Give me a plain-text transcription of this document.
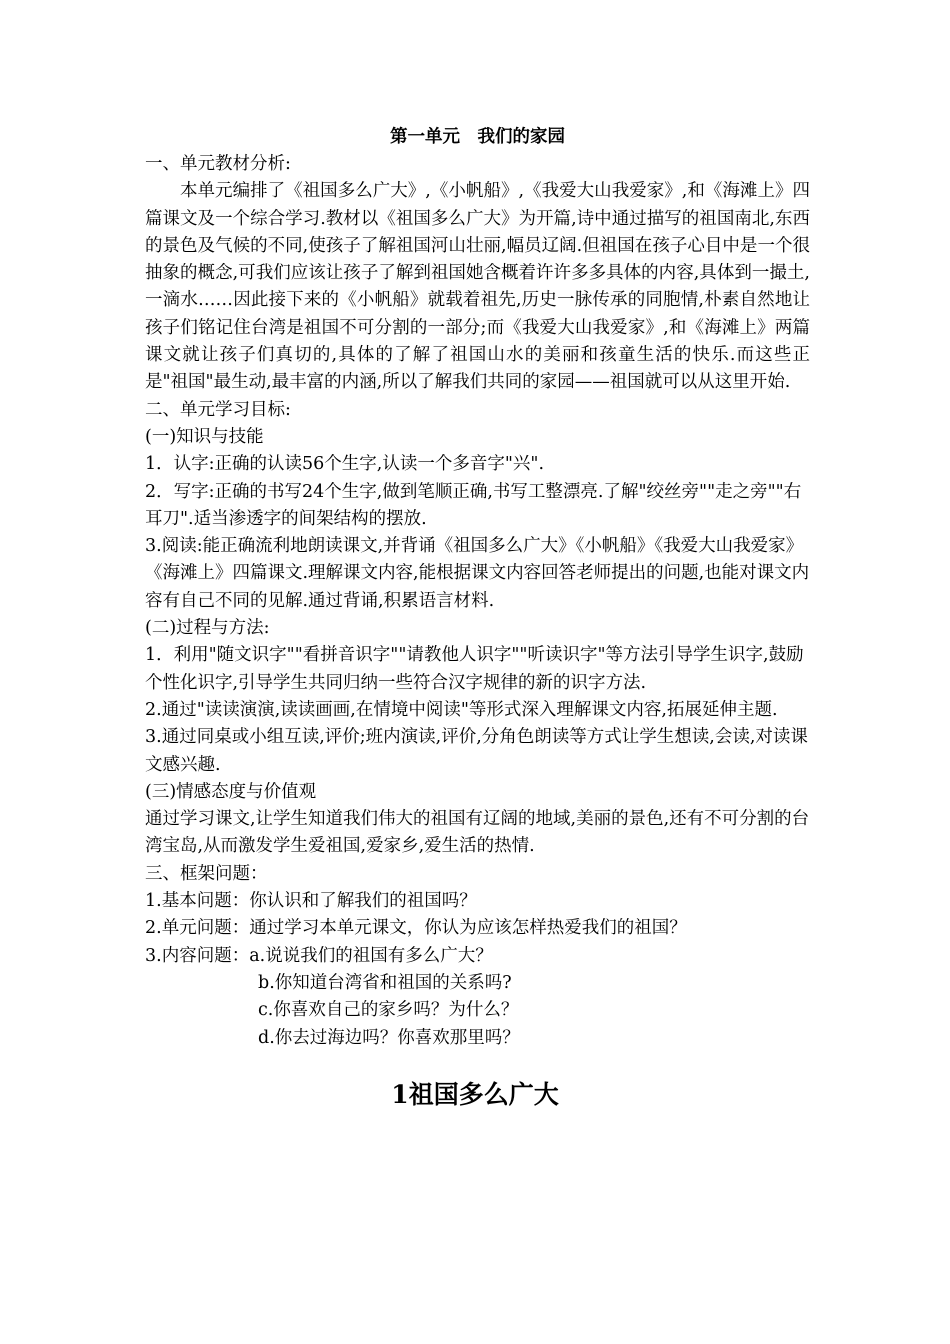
第一单元　我们的家园

一、单元教材分析:

本单元编排了《祖国多么广大》,《小帆船》,《我爱大山我爱家》,和《海滩上》四篇课文及一个综合学习.教材以《祖国多么广大》为开篇,诗中通过描写的祖国南北,东西的景色及气候的不同,使孩子了解祖国河山壮丽,幅员辽阔.但祖国在孩子心目中是一个很抽象的概念,可我们应该让孩子了解到祖国她含概着许许多多具体的内容,具体到一撮土,一滴水……因此接下来的《小帆船》就载着祖先,历史一脉传承的同胞情,朴素自然地让孩子们铭记住台湾是祖国不可分割的一部分;而《我爱大山我爱家》,和《海滩上》两篇课文就让孩子们真切的,具体的了解了祖国山水的美丽和孩童生活的快乐.而这些正是"祖国"最生动,最丰富的内涵,所以了解我们共同的家园——祖国就可以从这里开始.

二、单元学习目标:

(一)知识与技能

1．认字:正确的认读56个生字,认读一个多音字"兴".

2．写字:正确的书写24个生字,做到笔顺正确,书写工整漂亮.了解"绞丝旁""走之旁""右耳刀".适当渗透字的间架结构的摆放.

3.阅读:能正确流利地朗读课文,并背诵《祖国多么广大》《小帆船》《我爱大山我爱家》《海滩上》四篇课文.理解课文内容,能根据课文内容回答老师提出的问题,也能对课文内容有自己不同的见解.通过背诵,积累语言材料.

(二)过程与方法:

1．利用"随文识字""看拼音识字""请教他人识字""听读识字"等方法引导学生识字,鼓励个性化识字,引导学生共同归纳一些符合汉字规律的新的识字方法.

2.通过"读读演演,读读画画,在情境中阅读"等形式深入理解课文内容,拓展延伸主题.

3.通过同桌或小组互读,评价;班内演读,评价,分角色朗读等方式让学生想读,会读,对读课文感兴趣.

(三)情感态度与价值观

通过学习课文,让学生知道我们伟大的祖国有辽阔的地域,美丽的景色,还有不可分割的台湾宝岛,从而激发学生爱祖国,爱家乡,爱生活的热情.

三、框架问题：

1.基本问题：你认识和了解我们的祖国吗？

2.单元问题：通过学习本单元课文，你认为应该怎样热爱我们的祖国？

3.内容问题：a.说说我们的祖国有多么广大？

b.你知道台湾省和祖国的关系吗?

c.你喜欢自己的家乡吗？为什么？

d.你去过海边吗？你喜欢那里吗？

1祖国多么广大
